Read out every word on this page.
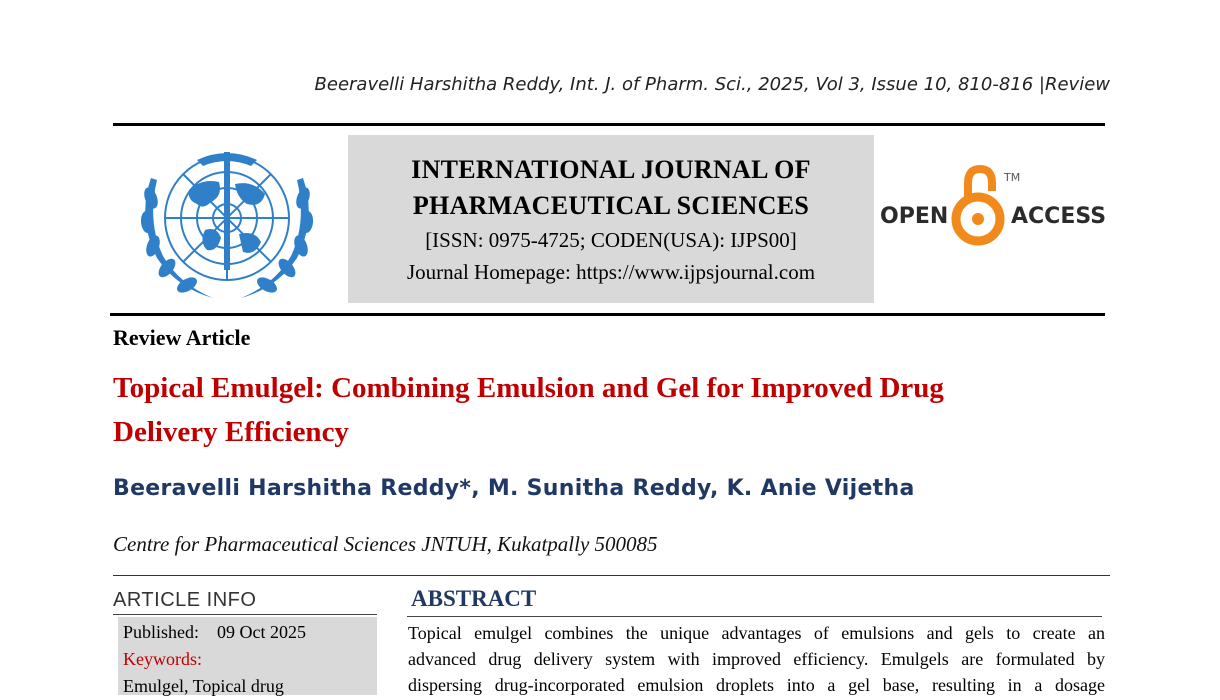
Beeravelli Harshitha Reddy, Int. J. of Pharm. Sci., 2025, Vol 3, Issue 10, 810-816 |Review
INTERNATIONAL JOURNAL OF
PHARMACEUTICAL SCIENCES
[ISSN: 0975-4725; CODEN(USA): IJPS00]
Journal Homepage: https://www.ijpsjournal.com
OPEN
TM
ACCESS
Review Article
Topical Emulgel: Combining Emulsion and Gel for Improved Drug
Delivery Efficiency
Beeravelli Harshitha Reddy*, M. Sunitha Reddy, K. Anie Vijetha
Centre for Pharmaceutical Sciences JNTUH, Kukatpally 500085
ARTICLE INFO
Published: 09 Oct 2025
Keywords:
Emulgel, Topical drug
ABSTRACT
Topical emulgel combines the unique advantages of emulsions and gels to create an
advanced drug delivery system with improved efficiency. Emulgels are formulated by
dispersing drug-incorporated emulsion droplets into a gel base, resulting in a dosage
